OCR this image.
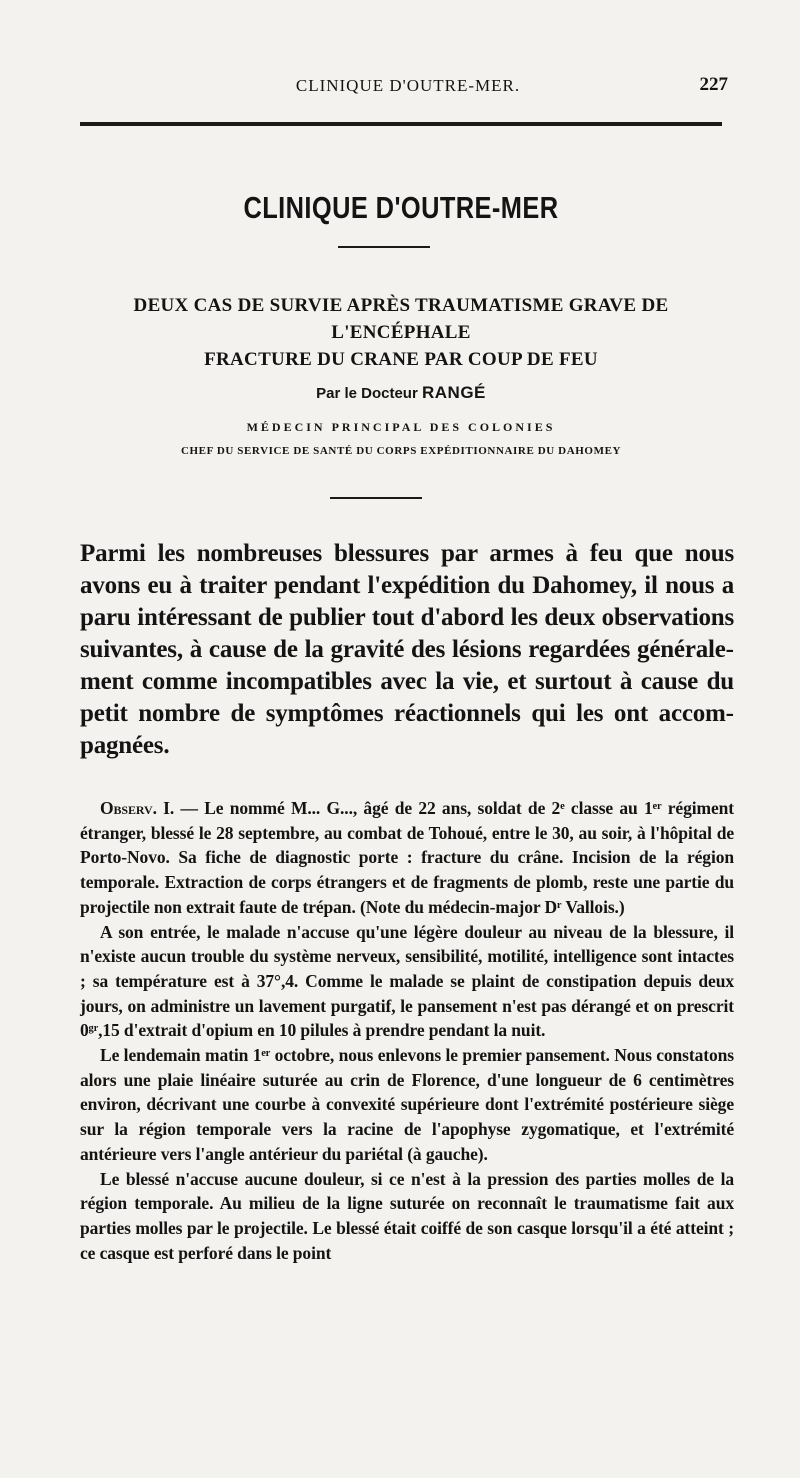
CLINIQUE D'OUTRE-MER.	227
CLINIQUE D'OUTRE-MER
DEUX CAS DE SURVIE APRÈS TRAUMATISME GRAVE DE L'ENCÉPHALE
FRACTURE DU CRANE PAR COUP DE FEU
Par le Docteur RANGÉ
MÉDECIN PRINCIPAL DES COLONIES
CHEF DU SERVICE DE SANTÉ DU CORPS EXPÉDITIONNAIRE DU DAHOMEY
Parmi les nombreuses blessures par armes à feu que nous avons eu à traiter pendant l'expédition du Dahomey, il nous a paru intéressant de publier tout d'abord les deux observations suivantes, à cause de la gravité des lésions regardées généralement comme incompatibles avec la vie, et surtout à cause du petit nombre de symptômes réactionnels qui les ont accompagnées.

Observ. I. — Le nommé M... G..., âgé de 22 ans, soldat de 2ᵉ classe au 1ᵉʳ régiment étranger, blessé le 28 septembre, au combat de Tohoué, entre le 30, au soir, à l'hôpital de Porto-Novo. Sa fiche de diagnostic porte : fracture du crâne. Incision de la région temporale. Extraction de corps étrangers et de fragments de plomb, reste une partie du projectile non extrait faute de trépan. (Note du médecin-major Dʳ Vallois.)

A son entrée, le malade n'accuse qu'une légère douleur au niveau de la blessure, il n'existe aucun trouble du système nerveux, sensibilité, motilité, intelligence sont intactes ; sa température est à 37°,4. Comme le malade se plaint de constipation depuis deux jours, on administre un lavement purgatif, le pansement n'est pas dérangé et on prescrit 0ᵍʳ,15 d'extrait d'opium en 10 pilules à prendre pendant la nuit.

Le lendemain matin 1ᵉʳ octobre, nous enlevons le premier pansement. Nous constatons alors une plaie linéaire suturée au crin de Florence, d'une longueur de 6 centimètres environ, décrivant une courbe à convexité supérieure dont l'extrémité postérieure siège sur la région temporale vers la racine de l'apophyse zygomatique, et l'extrémité antérieure vers l'angle antérieur du pariétal (à gauche).

Le blessé n'accuse aucune douleur, si ce n'est à la pression des parties molles de la région temporale. Au milieu de la ligne suturée on reconnaît le traumatisme fait aux parties molles par le projectile. Le blessé était coiffé de son casque lorsqu'il a été atteint ; ce casque est perforé dans le point
